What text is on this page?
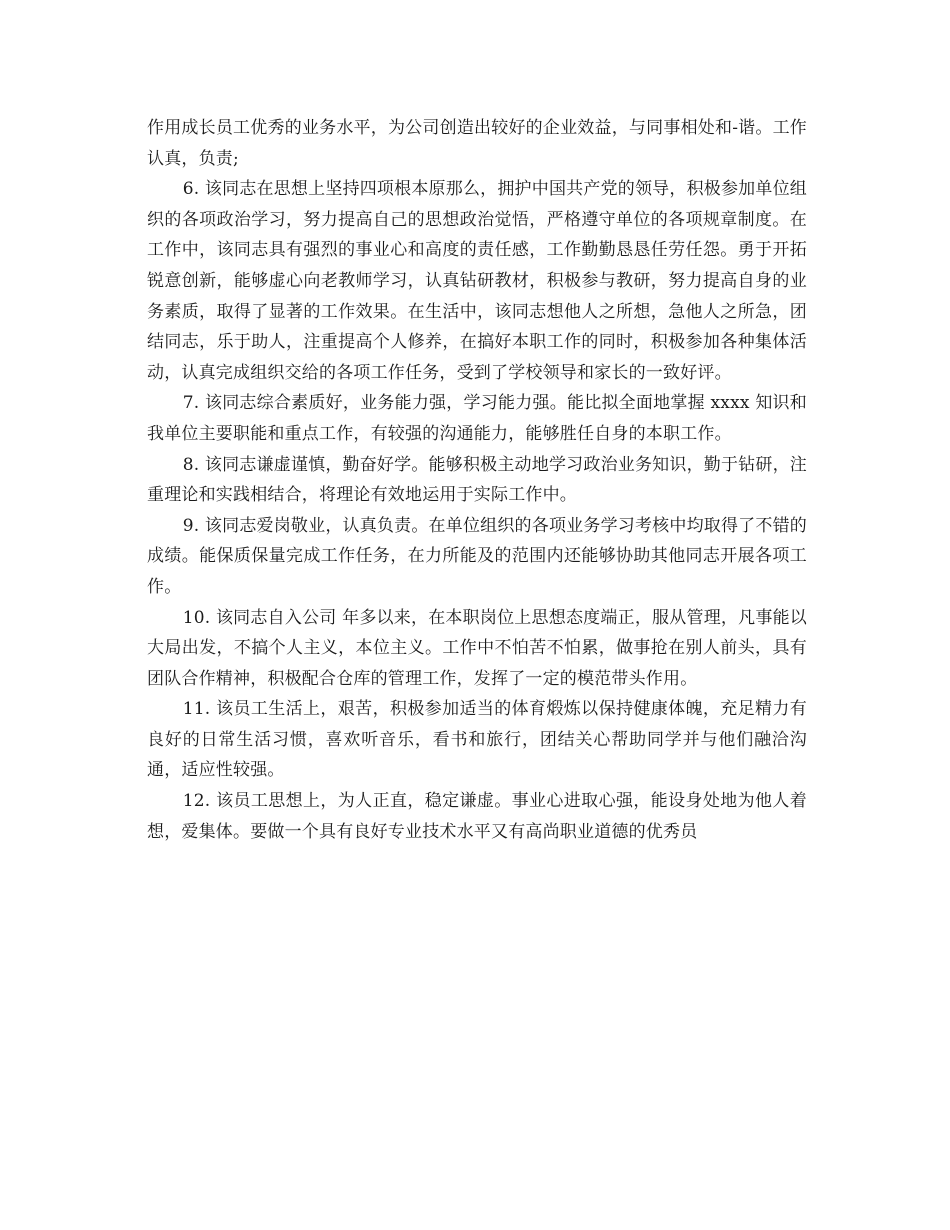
作用成长员工优秀的业务水平，为公司创造出较好的企业效益，与同事相处和-谐。工作认真，负责;

6. 该同志在思想上坚持四项根本原那么，拥护中国共产党的领导，积极参加单位组织的各项政治学习，努力提高自己的思想政治觉悟，严格遵守单位的各项规章制度。在工作中，该同志具有强烈的事业心和高度的责任感，工作勤勤恳恳任劳任怨。勇于开拓锐意创新，能够虚心向老教师学习，认真钻研教材，积极参与教研，努力提高自身的业务素质，取得了显著的工作效果。在生活中，该同志想他人之所想，急他人之所急，团结同志，乐于助人，注重提高个人修养，在搞好本职工作的同时，积极参加各种集体活动，认真完成组织交给的各项工作任务，受到了学校领导和家长的一致好评。

7. 该同志综合素质好，业务能力强，学习能力强。能比拟全面地掌握 xxxx 知识和我单位主要职能和重点工作，有较强的沟通能力，能够胜任自身的本职工作。

8. 该同志谦虚谨慎，勤奋好学。能够积极主动地学习政治业务知识，勤于钻研，注重理论和实践相结合，将理论有效地运用于实际工作中。

9. 该同志爱岗敬业，认真负责。在单位组织的各项业务学习考核中均取得了不错的成绩。能保质保量完成工作任务，在力所能及的范围内还能够协助其他同志开展各项工作。

10. 该同志自入公司 年多以来，在本职岗位上思想态度端正，服从管理，凡事能以大局出发，不搞个人主义，本位主义。工作中不怕苦不怕累，做事抢在别人前头，具有团队合作精神，积极配合仓库的管理工作，发挥了一定的模范带头作用。

11. 该员工生活上，艰苦，积极参加适当的体育煅炼以保持健康体魄，充足精力有良好的日常生活习惯，喜欢听音乐，看书和旅行，团结关心帮助同学并与他们融洽沟通，适应性较强。

12. 该员工思想上，为人正直，稳定谦虚。事业心进取心强，能设身处地为他人着想，爱集体。要做一个具有良好专业技术水平又有高尚职业道德的优秀员
